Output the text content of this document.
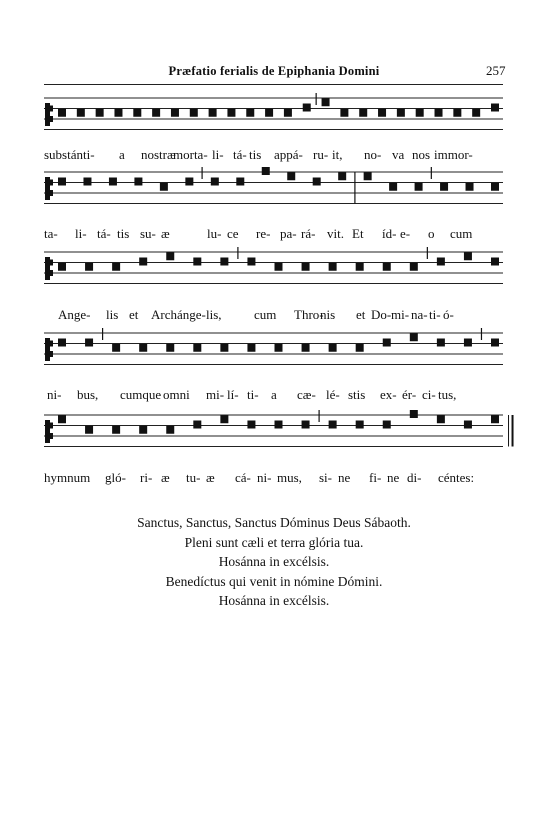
Præfatio ferialis de Epiphania Domini	257
substánti- a nostræ
morta- li- tá- tis appá- ru- it, no- va nos immor-
ta- li- tá- tis su- æ	lu- ce re- pa- rá- vit. Et íd- e- o cum
Ange- lis et Archánge- lis, cum Thro-
nis et Do- mi- na- ti- ó-
ni- bus, cumque omni mi- lí- ti- a cæ- lé- stis ex- ér- ci- tus,
hymnum gló- ri- æ tu- æ cá- ni- mus, si- ne fi- ne di- céntes:
Sanctus, Sanctus, Sanctus Dóminus Deus Sábaoth.
Pleni sunt cæli et terra glória tua.
Hosánna in excélsis.
Benedíctus qui venit in nómine Dómini.
Hosánna in excélsis.
